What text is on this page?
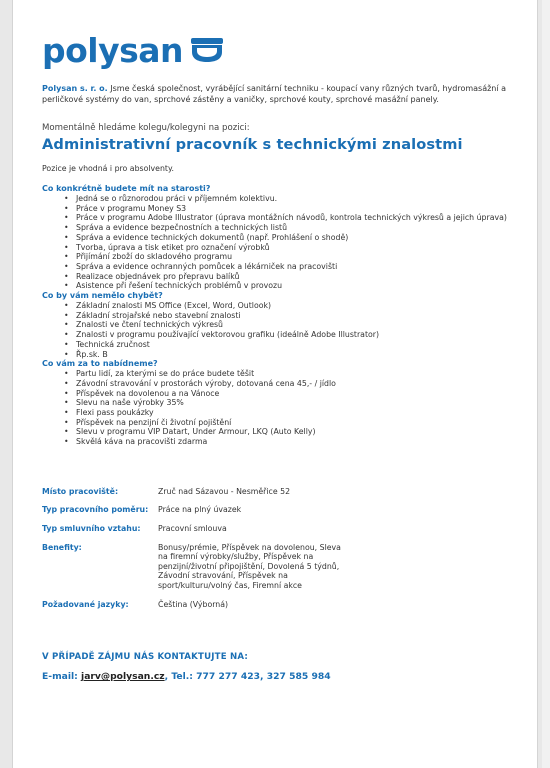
polysan

Polysan s. r. o. Jsme česká společnost, vyrábějící sanitární techniku - koupací vany různých tvarů, hydromasážní a perličkové systémy do van, sprchové zástěny a vaničky, sprchové kouty, sprchové masážní panely.

Momentálně hledáme kolegu/kolegyni na pozici:

Administrativní pracovník s technickými znalostmi

Pozice je vhodná i pro absolventy.

Co konkrétně budete mít na starosti?
• Jedná se o různorodou práci v příjemném kolektivu.
• Práce v programu Money S3
• Práce v programu Adobe Illustrator (úprava montážních návodů, kontrola technických výkresů a jejich úprava)
• Správa a evidence bezpečnostních a technických listů
• Správa a evidence technických dokumentů (např. Prohlášení o shodě)
• Tvorba, úprava a tisk etiket pro označení výrobků
• Přijímání zboží do skladového programu
• Správa a evidence ochranných pomůcek a lékárniček na pracovišti
• Realizace objednávek pro přepravu balíků
• Asistence při řešení technických problémů v provozu
Co by vám nemělo chybět?
• Základní znalosti MS Office (Excel, Word, Outlook)
• Základní strojařské nebo stavební znalosti
• Znalosti ve čtení technických výkresů
• Znalosti v programu používající vektorovou grafiku (ideálně Adobe Illustrator)
• Technická zručnost
• Řp.sk. B
Co vám za to nabídneme?
• Partu lidí, za kterými se do práce budete těšit
• Závodní stravování v prostorách výroby, dotovaná cena 45,- / jídlo
• Příspěvek na dovolenou a na Vánoce
• Slevu na naše výrobky 35%
• Flexi pass poukázky
• Příspěvek na penzijní či životní pojištění
• Slevu v programu VIP Datart, Under Armour, LKQ (Auto Kelly)
• Skvělá káva na pracovišti zdarma
Místo pracoviště:	Zruč nad Sázavou - Nesměřice 52
Typ pracovního poměru:	Práce na plný úvazek
Typ smluvního vztahu:	Pracovní smlouva
Benefity:	Bonusy/prémie, Příspěvek na dovolenou, Sleva na firemní výrobky/služby, Příspěvek na penzijní/životní připojištění, Dovolená 5 týdnů, Závodní stravování, Příspěvek na sport/kulturu/volný čas, Firemní akce
Požadované jazyky:	Čeština (Výborná)
V PŘÍPADĚ ZÁJMU NÁS KONTAKTUJTE NA:
E-mail: jarv@polysan.cz, Tel.: 777 277 423, 327 585 984
